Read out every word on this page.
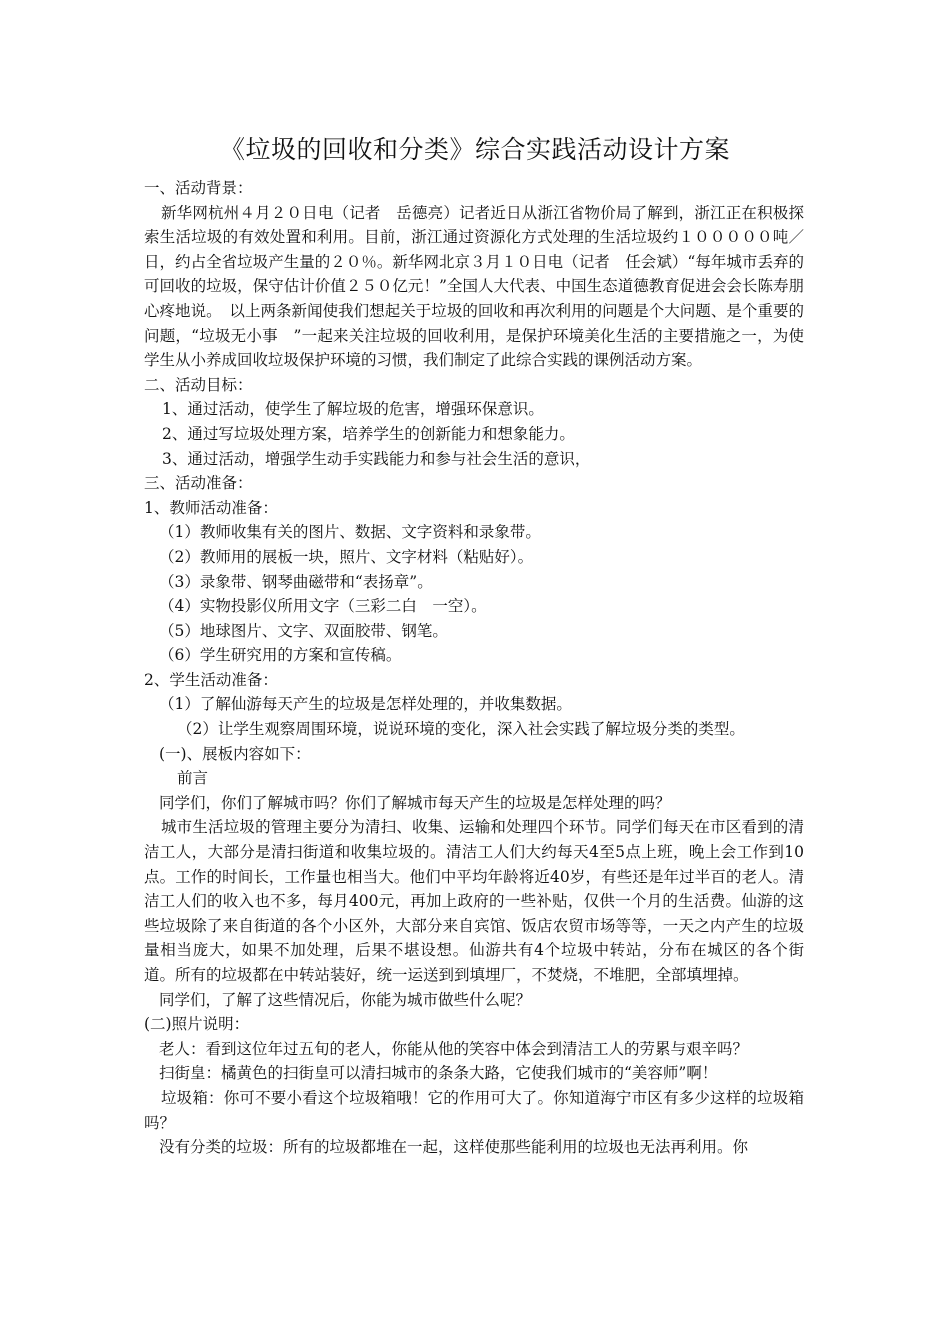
《垃圾的回收和分类》综合实践活动设计方案

一、活动背景：

新华网杭州４月２０日电（记者　岳德亮）记者近日从浙江省物价局了解到，浙江正在积极探索生活垃圾的有效处置和利用。目前，浙江通过资源化方式处理的生活垃圾约１０００００吨／日，约占全省垃圾产生量的２０％。新华网北京３月１０日电（记者　任会斌）“每年城市丢弃的可回收的垃圾，保守估计价值２５０亿元！”全国人大代表、中国生态道德教育促进会会长陈寿朋心疼地说。　以上两条新闻使我们想起关于垃圾的回收和再次利用的问题是个大问题、是个重要的问题，“垃圾无小事　”一起来关注垃圾的回收利用，是保护环境美化生活的主要措施之一，为使学生从小养成回收垃圾保护环境的习惯，我们制定了此综合实践的课例活动方案。

二、活动目标：

1、通过活动，使学生了解垃圾的危害，增强环保意识。

2、通过写垃圾处理方案，培养学生的创新能力和想象能力。

3、通过活动，增强学生动手实践能力和参与社会生活的意识，

三、活动准备：

1、教师活动准备：

（1）教师收集有关的图片、数据、文字资料和录象带。

（2）教师用的展板一块，照片、文字材料（粘贴好）。

（3）录象带、钢琴曲磁带和“表扬章”。

（4）实物投影仪所用文字（三彩二白　一空）。

（5）地球图片、文字、双面胶带、钢笔。

（6）学生研究用的方案和宣传稿。

2、学生活动准备：

（1）了解仙游每天产生的垃圾是怎样处理的，并收集数据。

（2）让学生观察周围环境，说说环境的变化，深入社会实践了解垃圾分类的类型。

(一)、展板内容如下：

前言

同学们，你们了解城市吗？你们了解城市每天产生的垃圾是怎样处理的吗？

城市生活垃圾的管理主要分为清扫、收集、运输和处理四个环节。同学们每天在市区看到的清洁工人，大部分是清扫街道和收集垃圾的。清洁工人们大约每天4至5点上班，晚上会工作到10点。工作的时间长，工作量也相当大。他们中平均年龄将近40岁，有些还是年过半百的老人。清洁工人们的收入也不多，每月400元，再加上政府的一些补贴，仅供一个月的生活费。仙游的这些垃圾除了来自街道的各个小区外，大部分来自宾馆、饭店农贸市场等等，一天之内产生的垃圾量相当庞大，如果不加处理，后果不堪设想。仙游共有4个垃圾中转站，分布在城区的各个街道。所有的垃圾都在中转站装好，统一运送到到填埋厂，不焚烧，不堆肥，全部填埋掉。

同学们，了解了这些情况后，你能为城市做些什么呢？

(二)照片说明：

老人：看到这位年过五旬的老人，你能从他的笑容中体会到清洁工人的劳累与艰辛吗？

扫街皇：橘黄色的扫街皇可以清扫城市的条条大路，它使我们城市的“美容师”啊！

垃圾箱：你可不要小看这个垃圾箱哦！它的作用可大了。你知道海宁市区有多少这样的垃圾箱吗？

没有分类的垃圾：所有的垃圾都堆在一起，这样使那些能利用的垃圾也无法再利用。你
